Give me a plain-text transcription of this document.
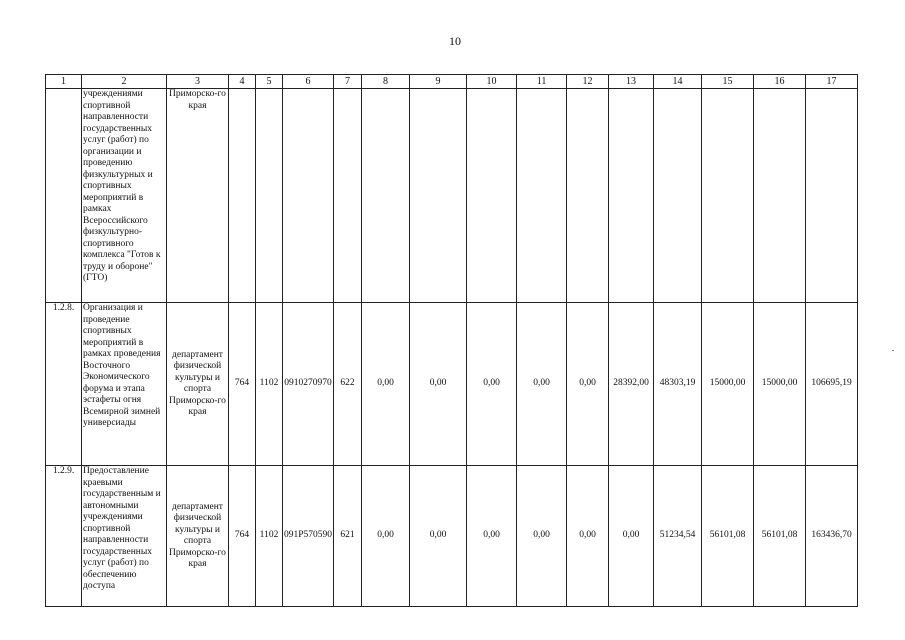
10
1	2	3	4	5	6	7	8	9	10	11	12	13	14	15	16	17
	учреждениями спортивной направленности государственных услуг (работ) по организации и проведению физкультурных и спортивных мероприятий в рамках Всероссийского физкультурно-спортивного комплекса "Готов к труду и обороне" (ГТО)	Приморско-го края														
1.2.8.	Организация и проведение спортивных мероприятий в рамках проведения Восточного Экономического форума и этапа эстафеты огня Всемирной зимней универсиады	департамент физической культуры и спорта Приморско-го края	764	1102	0910270970	622	0,00	0,00	0,00	0,00	0,00	28392,00	48303,19	15000,00	15000,00	106695,19
1.2.9.	Предоставление краевыми государственным и автономными учреждениями спортивной направленности государственных услуг (работ) по обеспечению доступа	департамент физической культуры и спорта Приморско-го края	764	1102	091Р570590	621	0,00	0,00	0,00	0,00	0,00	0,00	51234,54	56101,08	56101,08	163436,70
